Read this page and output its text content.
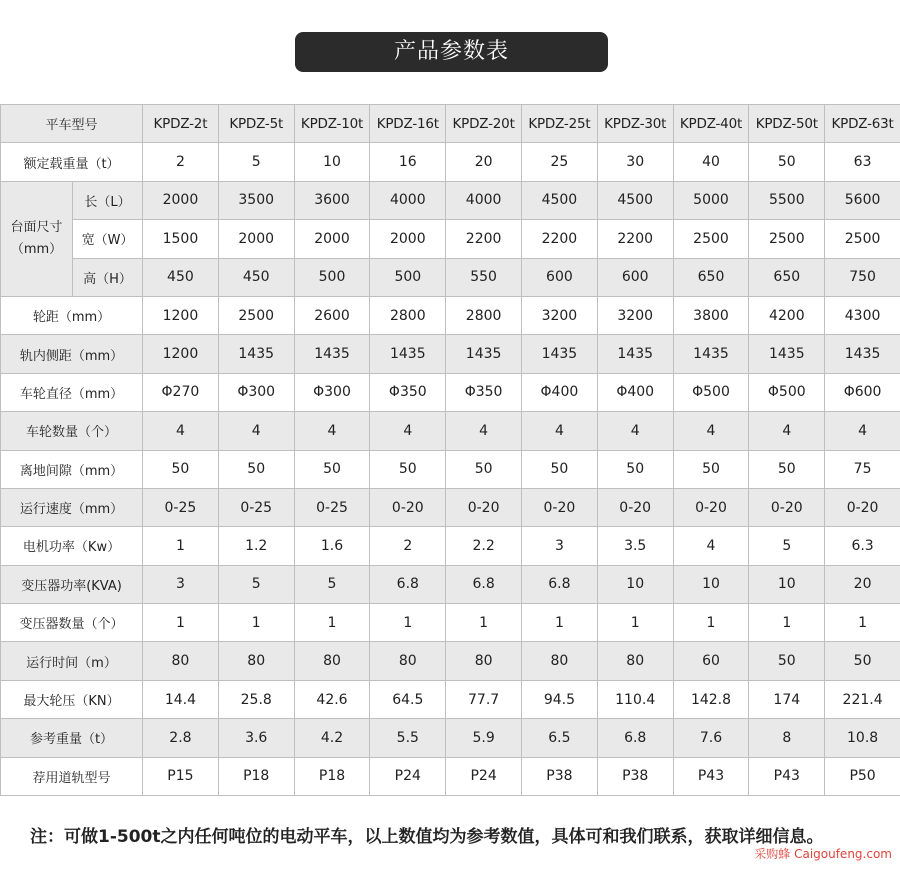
产品参数表
平车型号		KPDZ-2t	KPDZ-5t	KPDZ-10t	KPDZ-16t	KPDZ-20t	KPDZ-25t	KPDZ-30t	KPDZ-40t	KPDZ-50t	KPDZ-63t
额定载重量（t）		2	5	10	16	20	25	30	40	50	63

台面尺寸
（mm）	长（L）	2000	3500	3600	4000	4000	4500	4500	5000	5500	5600
	宽（W）	1500	2000	2000	2000	2200	2200	2200	2500	2500	2500
	高（H）	450	450	500	500	550	600	600	650	650	750
轮距（mm）		1200	2500	2600	2800	2800	3200	3200	3800	4200	4300
轨内侧距（mm）		1200	1435	1435	1435	1435	1435	1435	1435	1435	1435
车轮直径（mm）		Φ270	Φ300	Φ300	Φ350	Φ350	Φ400	Φ400	Φ500	Φ500	Φ600
车轮数量（个）		4	4	4	4	4	4	4	4	4	4
离地间隙（mm）		50	50	50	50	50	50	50	50	50	75
运行速度（mm）		0-25	0-25	0-25	0-20	0-20	0-20	0-20	0-20	0-20	0-20
电机功率（Kw）		1	1.2	1.6	2	2.2	3	3.5	4	5	6.3
变压器功率(KVA)		3	5	5	6.8	6.8	6.8	10	10	10	20
变压器数量（个）		1	1	1	1	1	1	1	1	1	1
运行时间（m）		80	80	80	80	80	80	80	60	50	50
最大轮压（KN）		14.4	25.8	42.6	64.5	77.7	94.5	110.4	142.8	174	221.4
参考重量（t）		2.8	3.6	4.2	5.5	5.9	6.5	6.8	7.6	8	10.8
荐用道轨型号		P15	P18	P18	P24	P24	P38	P38	P43	P43	P50
注：可做1-500t之内任何吨位的电动平车，以上数值均为参考数值，具体可和我们联系，获取详细信息。
采购蜂 Caigoufeng.com
